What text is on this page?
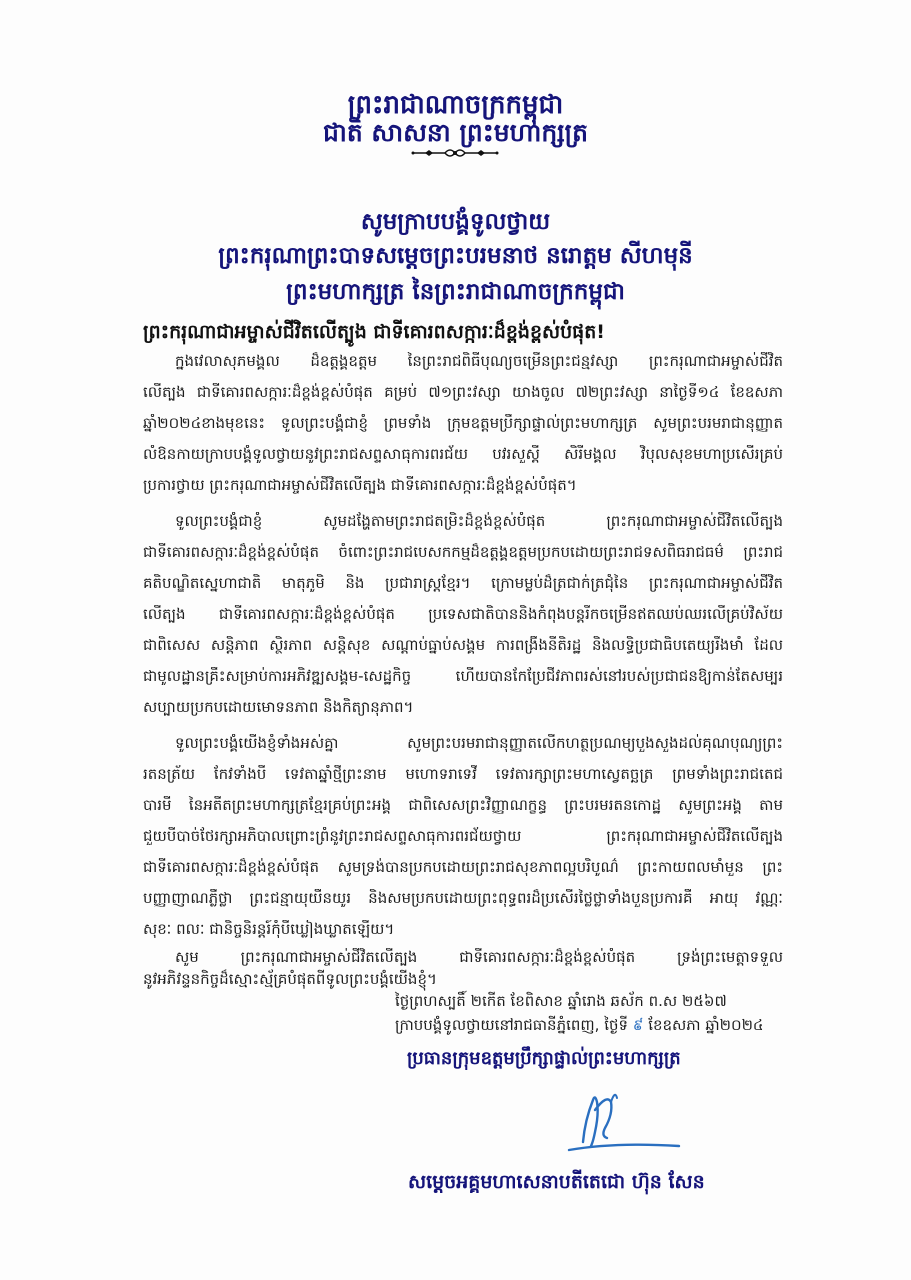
ព្រះរាជាណាចក្រកម្ពុជា
ជាតិ សាសនា ព្រះមហាក្សត្រ
សូមក្រាបបង្គំទូលថ្វាយ
ព្រះករុណាព្រះបាទសម្តេចព្រះបរមនាថ នរោត្តម សីហមុនី
ព្រះមហាក្សត្រ នៃព្រះរាជាណាចក្រកម្ពុជា
ព្រះករុណាជាអម្ចាស់ជីវិតលើត្បូង ជាទីគោរពសក្ការៈដ៏ខ្ពង់ខ្ពស់បំផុត!
ក្នុងវេលាសុភមង្គល ដ៏ឧត្តុង្គឧត្តម នៃព្រះរាជពិធីបុណ្យចម្រើនព្រះជន្មវស្សា ព្រះករុណាជាអម្ចាស់ជីវិត
លើត្បូង ជាទីគោរពសក្ការៈដ៏ខ្ពង់ខ្ពស់បំផុត គម្រប់ ៧១ព្រះវស្សា យាងចូល ៧២ព្រះវស្សា នាថ្ងៃទី១៤ ខែឧសភា
ឆ្នាំ២០២៤ខាងមុខនេះ ទូលព្រះបង្គំជាខ្ញុំ ព្រមទាំង ក្រុមឧត្តមប្រឹក្សាផ្ទាល់ព្រះមហាក្សត្រ សូមព្រះបរមរាជានុញ្ញាត
លំឱនកាយក្រាបបង្គំទូលថ្វាយនូវព្រះរាជសព្ទសាធុការពរជ័យ បវរសួស្តី សិរីមង្គល វិបុលសុខមហាប្រសើរគ្រប់
ប្រការថ្វាយ ព្រះករុណាជាអម្ចាស់ជីវិតលើត្បូង ជាទីគោរពសក្ការៈដ៏ខ្ពង់ខ្ពស់បំផុត។
ទូលព្រះបង្គំជាខ្ញុំ សូមដង្ហែតាមព្រះរាជតម្រិះដ៏ខ្ពង់ខ្ពស់បំផុត ព្រះករុណាជាអម្ចាស់ជីវិតលើត្បូង
ជាទីគោរពសក្ការៈដ៏ខ្ពង់ខ្ពស់បំផុត ចំពោះព្រះរាជបេសកកម្មដ៏ឧត្តុង្គឧត្តមប្រកបដោយព្រះរាជទសពិធរាជធម៌ ព្រះរាជ
គតិបណ្ឌិតស្នេហាជាតិ មាតុភូមិ និង ប្រជារាស្ត្រខ្មែរ។ ក្រោមម្លប់ដ៏ត្រជាក់ត្រជុំនៃ ព្រះករុណាជាអម្ចាស់ជីវិត
លើត្បូង ជាទីគោរពសក្ការៈដ៏ខ្ពង់ខ្ពស់បំផុត ប្រទេសជាតិបាននិងកំពុងបន្តរីកចម្រើនឥតឈប់ឈរលើគ្រប់វិស័យ
ជាពិសេស សន្តិភាព ស្ថិរភាព សន្តិសុខ សណ្តាប់ធ្នាប់សង្គម ការពង្រឹងនីតិរដ្ឋ និងលទ្ធិប្រជាធិបតេយ្យរឹងមាំ ដែល
ជាមូលដ្ឋានគ្រឹះសម្រាប់ការអភិវឌ្ឍសង្គម-សេដ្ឋកិច្ច ហើយបានកែប្រែជីវភាពរស់នៅរបស់ប្រជាជនឱ្យកាន់តែសម្បូរ
សប្បាយប្រកបដោយមោទនភាព និងកិត្យានុភាព។
ទូលព្រះបង្គំយើងខ្ញុំទាំងអស់គ្នា សូមព្រះបរមរាជានុញ្ញាតលើកហត្ថប្រណម្យបួងសួងដល់គុណបុណ្យព្រះ
រតនត្រ័យ កែវទាំងបី ទេវតាឆ្នាំថ្មីព្រះនាម មហោទរាទេវី ទេវតារក្សាព្រះមហាស្វេតច្ឆត្រ ព្រមទាំងព្រះរាជតេជ
បារមី នៃអតីតព្រះមហាក្សត្រខ្មែរគ្រប់ព្រះអង្គ ជាពិសេសព្រះវិញ្ញាណក្ខន្ធ ព្រះបរមរតនកោដ្ឋ សូមព្រះអង្គ តាម
ជួយបីបាច់ថែរក្សាអភិបាលព្រោះព្រំនូវព្រះរាជសព្ទសាធុការពរជ័យថ្វាយ ព្រះករុណាជាអម្ចាស់ជីវិតលើត្បូង
ជាទីគោរពសក្ការៈដ៏ខ្ពង់ខ្ពស់បំផុត សូមទ្រង់បានប្រកបដោយព្រះរាជសុខភាពល្អបរិបូណ៌ ព្រះកាយពលមាំមួន ព្រះ
បញ្ញាញាណភ្លឺថ្លា ព្រះជន្មាយុយឺនយូរ និងសមប្រកបដោយព្រះពុទ្ធពរដ៏ប្រសើរថ្លៃថ្លាទាំងបួនប្រការគឺ អាយុ វណ្ណៈ
សុខៈ ពលៈ ជានិច្ចនិរន្តរ៍កុំបីឃ្លៀងឃ្លាតឡើយ។
សូម ព្រះករុណាជាអម្ចាស់ជីវិតលើត្បូង ជាទីគោរពសក្ការៈដ៏ខ្ពង់ខ្ពស់បំផុត ទ្រង់ព្រះមេត្តាទទួល
នូវអភិវន្ទនកិច្ចដ៏ស្មោះស្ម័គ្របំផុតពីទូលព្រះបង្គំយើងខ្ញុំ។
ថ្ងៃព្រហស្បតិ៍ ២កើត ខែពិសាខ ឆ្នាំរោង ឆស័ក ព.ស ២៥៦៧
ក្រាបបង្គំទូលថ្វាយនៅរាជធានីភ្នំពេញ, ថ្ងៃទី ៩ ខែឧសភា ឆ្នាំ២០២៤
ប្រធានក្រុមឧត្តមប្រឹក្សាផ្ទាល់ព្រះមហាក្សត្រ
សម្តេចអគ្គមហាសេនាបតីតេជោ ហ៊ុន សែន
